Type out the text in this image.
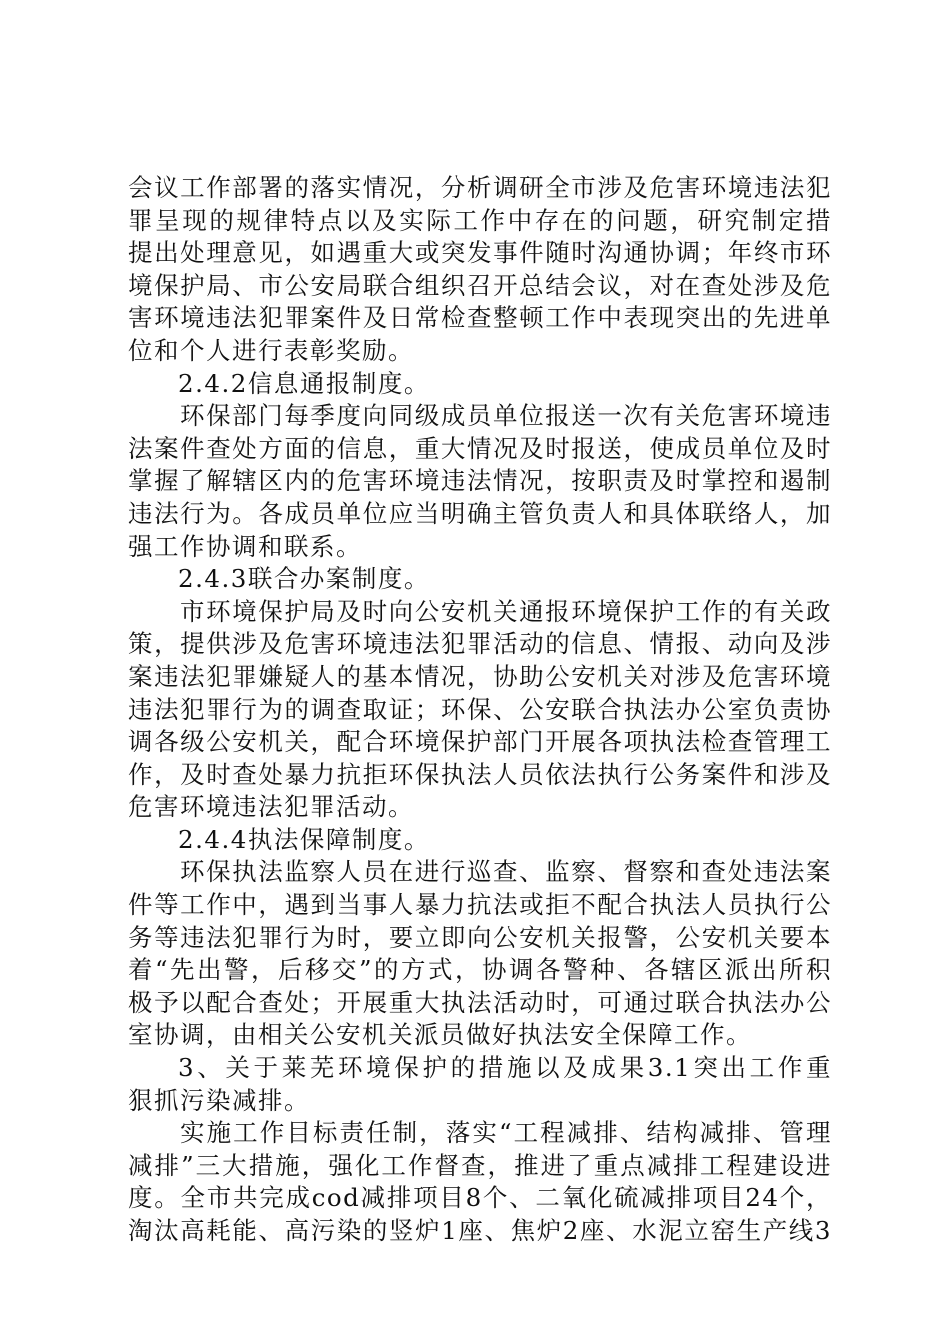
会议工作部署的落实情况，分析调研全市涉及危害环境违法犯
罪呈现的规律特点以及实际工作中存在的问题，研究制定措
提出处理意见，如遇重大或突发事件随时沟通协调；年终市环
境保护局、市公安局联合组织召开总结会议，对在查处涉及危
害环境违法犯罪案件及日常检查整顿工作中表现突出的先进单
位和个人进行表彰奖励。
2.4.2信息通报制度。
环保部门每季度向同级成员单位报送一次有关危害环境违
法案件查处方面的信息，重大情况及时报送，使成员单位及时
掌握了解辖区内的危害环境违法情况，按职责及时掌控和遏制
违法行为。各成员单位应当明确主管负责人和具体联络人，加
强工作协调和联系。
2.4.3联合办案制度。
市环境保护局及时向公安机关通报环境保护工作的有关政
策，提供涉及危害环境违法犯罪活动的信息、情报、动向及涉
案违法犯罪嫌疑人的基本情况，协助公安机关对涉及危害环境
违法犯罪行为的调查取证；环保、公安联合执法办公室负责协
调各级公安机关，配合环境保护部门开展各项执法检查管理工
作，及时查处暴力抗拒环保执法人员依法执行公务案件和涉及
危害环境违法犯罪活动。
2.4.4执法保障制度。
环保执法监察人员在进行巡查、监察、督察和查处违法案
件等工作中，遇到当事人暴力抗法或拒不配合执法人员执行公
务等违法犯罪行为时，要立即向公安机关报警，公安机关要本
着“先出警，后移交”的方式，协调各警种、各辖区派出所积
极予以配合查处；开展重大执法活动时，可通过联合执法办公
室协调，由相关公安机关派员做好执法安全保障工作。
3、关于莱芜环境保护的措施以及成果3.1突出工作重
狠抓污染减排。
实施工作目标责任制，落实“工程减排、结构减排、管理
减排”三大措施，强化工作督查，推进了重点减排工程建设进
度。全市共完成cod减排项目8个、二氧化硫减排项目24个，
淘汰高耗能、高污染的竖炉1座、焦炉2座、水泥立窑生产线3
